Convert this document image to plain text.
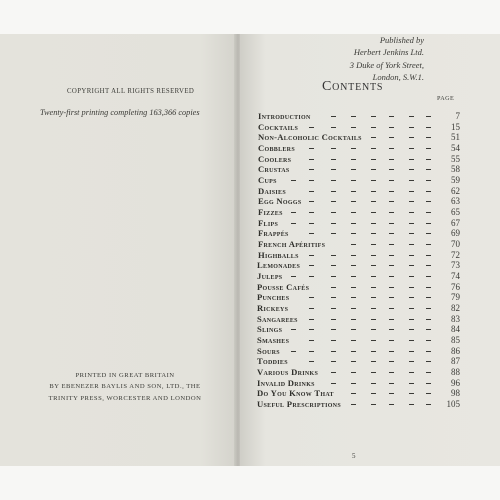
Published by
Herbert Jenkins Ltd.
3 Duke of York Street,
London, S.W.1.
COPYRIGHT ALL RIGHTS RESERVED
Twenty-first printing completing 163,366 copies
PRINTED IN GREAT BRITAIN
BY EBENEZER BAYLIS AND SON, LTD., THE
TRINITY PRESS, WORCESTER AND LONDON
Contents
PAGE
Introduction	7
Cocktails	15
Non-Alcoholic Cocktails	51
Cobblers	54
Coolers	55
Crustas	58
Cups	59
Daisies	62
Egg Noggs	63
Fizzes	65
Flips	67
Frappés	69
French Apéritifs	70
Highballs	72
Lemonades	73
Juleps	74
Pousse Cafés	76
Punches	79
Rickeys	82
Sangarees	83
Slings	84
Smashes	85
Sours	86
Toddies	87
Various Drinks	88
Invalid Drinks	96
Do You Know That	98
Useful Prescriptions	105
5
